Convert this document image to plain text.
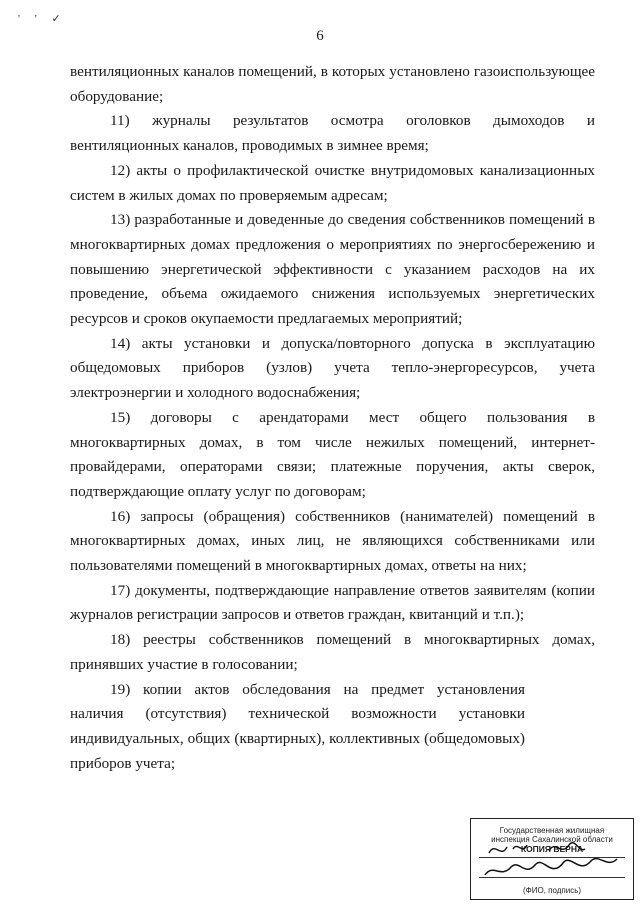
' ' ✓
6

вентиляционных каналов помещений, в которых установлено газоиспользующее оборудование;

11) журналы результатов осмотра оголовков дымоходов и вентиляционных каналов, проводимых в зимнее время;

12) акты о профилактической очистке внутридомовых канализационных систем в жилых домах по проверяемым адресам;

13) разработанные и доведенные до сведения собственников помещений в многоквартирных домах предложения о мероприятиях по энергосбережению и повышению энергетической эффективности с указанием расходов на их проведение, объема ожидаемого снижения используемых энергетических ресурсов и сроков окупаемости предлагаемых мероприятий;

14) акты установки и допуска/повторного допуска в эксплуатацию общедомовых приборов (узлов) учета тепло-энергоресурсов, учета электроэнергии и холодного водоснабжения;

15) договоры с арендаторами мест общего пользования в многоквартирных домах, в том числе нежилых помещений, интернет-провайдерами, операторами связи; платежные поручения, акты сверок, подтверждающие оплату услуг по договорам;

16) запросы (обращения) собственников (нанимателей) помещений в многоквартирных домах, иных лиц, не являющихся собственниками или пользователями помещений в многоквартирных домах, ответы на них;

17) документы, подтверждающие направление ответов заявителям (копии журналов регистрации запросов и ответов граждан, квитанций и т.п.);

18) реестры собственников помещений в многоквартирных домах, принявших участие в голосовании;

19) копии актов обследования на предмет установления наличия (отсутствия) технической возможности установки индивидуальных, общих (квартирных), коллективных (общедомовых) приборов учета;

Государственная жилищная
инспекция Сахалинской области
КОПИЯ ВЕРНА
(ФИО, подпись)
